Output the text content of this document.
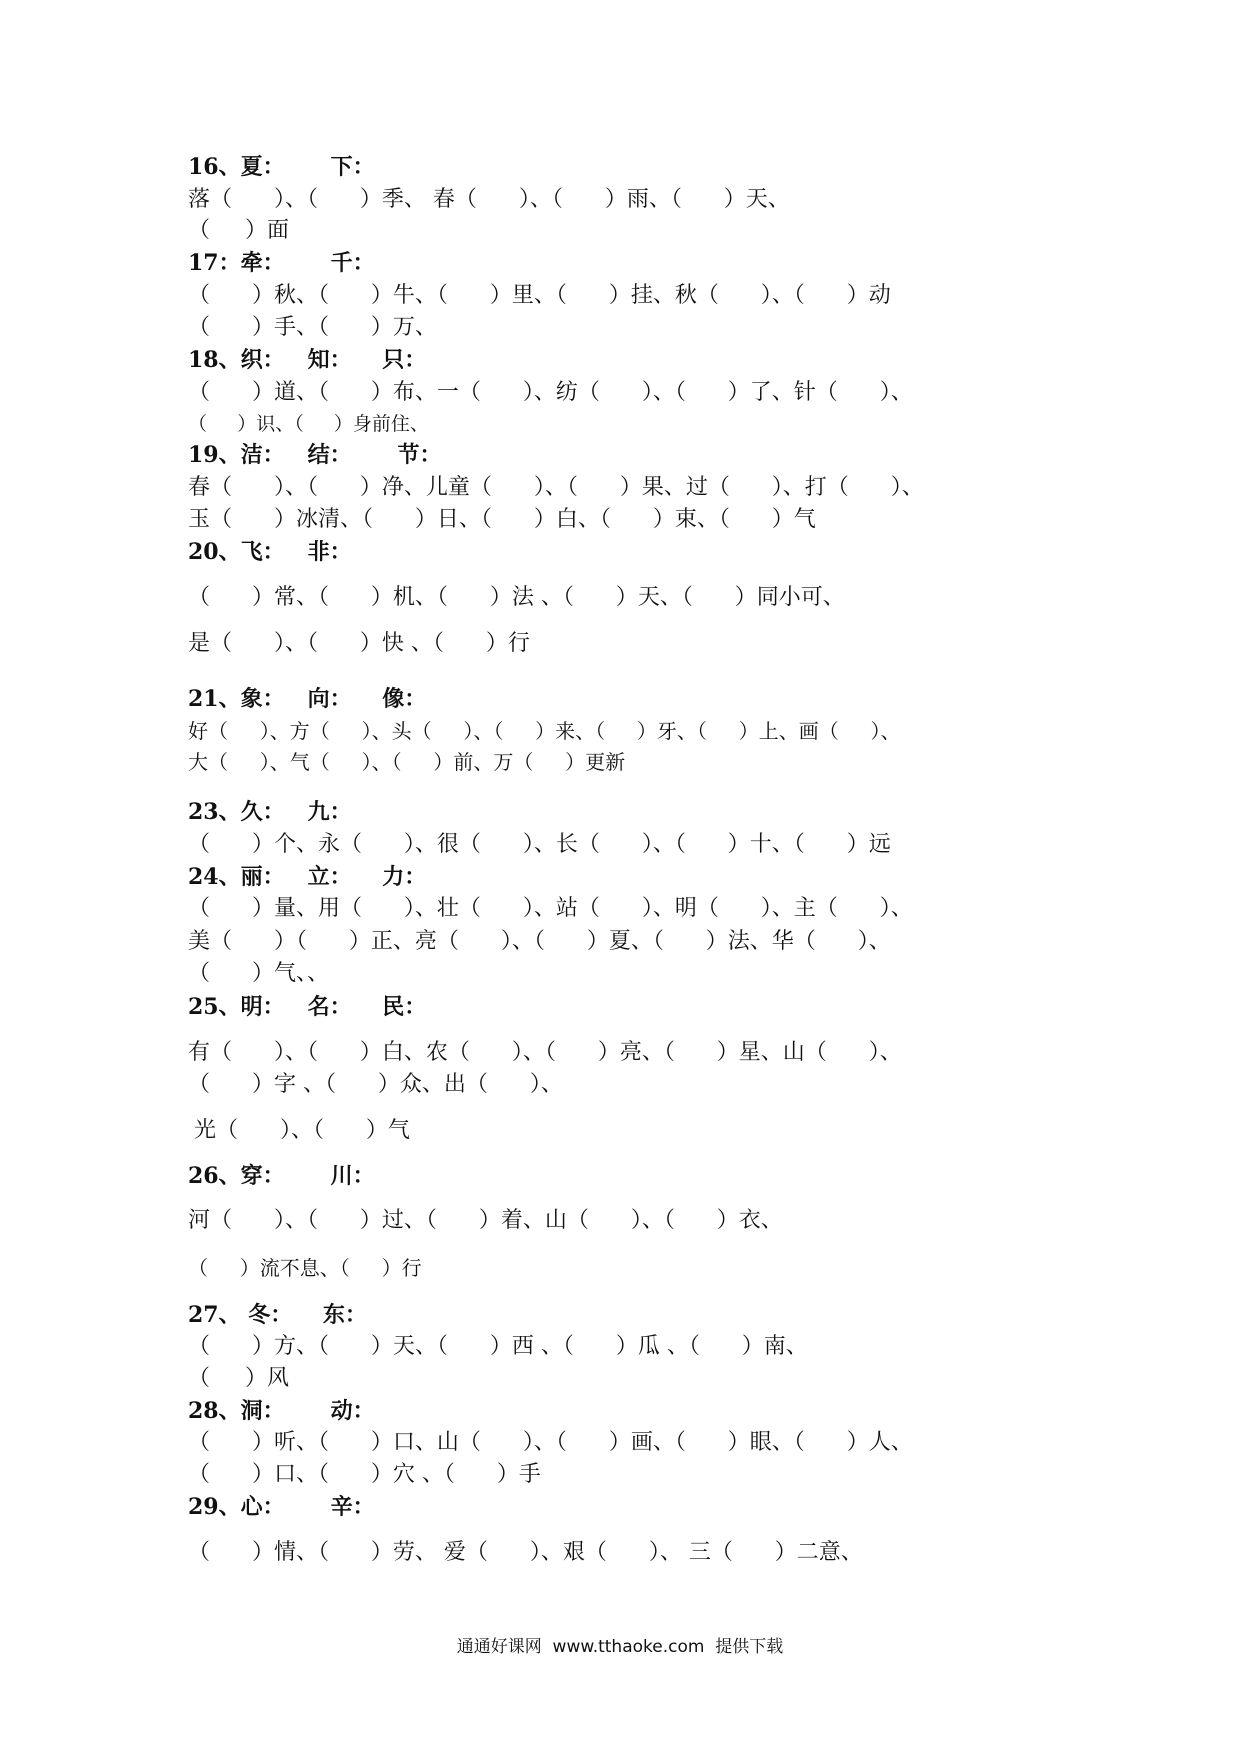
16、夏：      下：
落（      ）、（      ）季、 春（      ）、（      ）雨、（      ）天、
（     ）面
17：牵：      千：
（      ）秋、（      ）牛、（      ）里、（      ）挂、秋（      ）、（      ）动
（      ）手、（      ）万、
18、织：   知：    只：
（      ）道、（      ）布、一（      ）、纺（      ）、（      ）了、针（      ）、
（     ）识、（     ）身前住、
19、洁：   结：      节：
春（      ）、（      ）净、儿童（      ）、（      ）果、过（      ）、打（      ）、
玉（      ）冰清、（      ）日、（      ）白、（      ）束、（      ）气
20、飞：   非：
（      ）常、（      ）机、（      ）法 、（      ）天、（      ）同小可、
是（      ）、（      ）快 、（      ）行
21、象：   向：    像：
好（     ）、方（     ）、头（     ）、（     ）来、（     ）牙、（     ）上、画（     ）、
大（     ）、气（     ）、（     ）前、万（     ）更新
23、久：   九：
（      ）个、永（      ）、很（      ）、长（      ）、（      ）十、（      ）远
24、丽：   立：    力：
（      ）量、用（      ）、壮（      ）、站（      ）、明（      ）、主（      ）、
美（      ）（      ）正、亮（      ）、（      ）夏、（      ）法、华（      ）、
（      ）气、、
25、明：   名：    民：
有（      ）、（      ）白、农（      ）、（      ）亮、（      ）星、山（      ）、
（      ）字 、（      ）众、出（      ）、
光（      ）、（      ）气
26、穿：      川：
河（      ）、（      ）过、（      ）着、山（      ）、（      ）衣、
（     ）流不息、（     ）行
27、 冬：    东：
（      ）方、（      ）天、（      ）西 、（      ）瓜 、（      ）南、
（     ）风
28、洞：      动：
（      ）听、（      ）口、山（      ）、（      ）画、（      ）眼、（      ）人、
（      ）口、（      ）穴 、（      ）手
29、心：      辛：
（      ）情、（      ）劳、 爱（      ）、艰（      ）、 三（      ）二意、
通通好课网  www.tthaoke.com  提供下载
